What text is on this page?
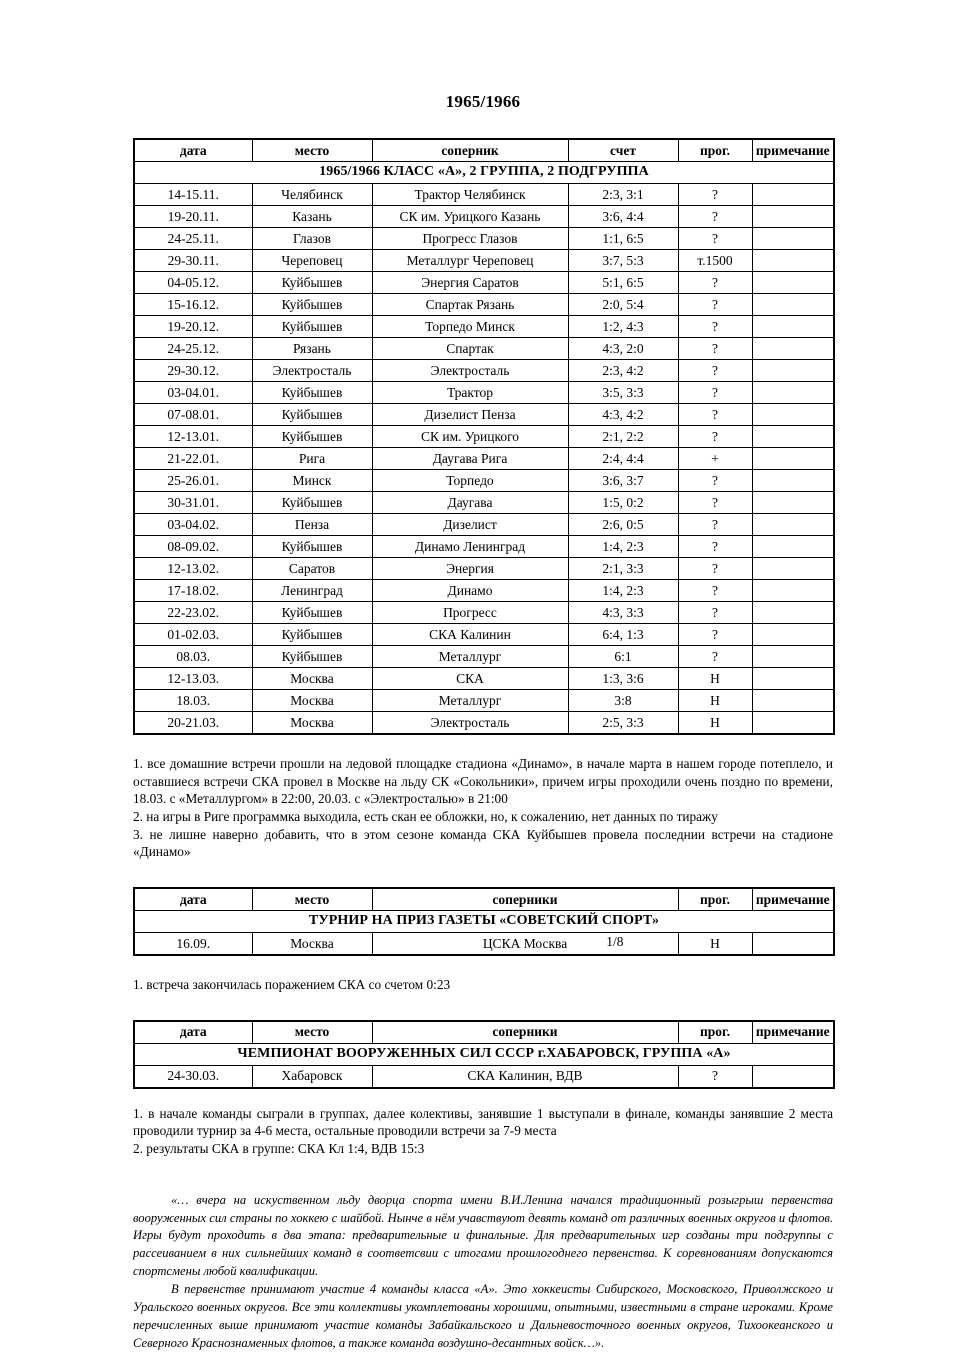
1965/1966
дата	место	соперник	счет	прог.	примечание
1965/1966 КЛАСС «А», 2 ГРУППА, 2 ПОДГРУППА					
14-15.11.	Челябинск	Трактор Челябинск	2:3, 3:1	?	
19-20.11.	Казань	СК им. Урицкого Казань	3:6, 4:4	?	
24-25.11.	Глазов	Прогресс Глазов	1:1, 6:5	?	
29-30.11.	Череповец	Металлург Череповец	3:7, 5:3	т.1500	
04-05.12.	Куйбышев	Энергия Саратов	5:1, 6:5	?	
15-16.12.	Куйбышев	Спартак Рязань	2:0, 5:4	?	
19-20.12.	Куйбышев	Торпедо Минск	1:2, 4:3	?	
24-25.12.	Рязань	Спартак	4:3, 2:0	?	
29-30.12.	Электросталь	Электросталь	2:3, 4:2	?	
03-04.01.	Куйбышев	Трактор	3:5, 3:3	?	
07-08.01.	Куйбышев	Дизелист Пенза	4:3, 4:2	?	
12-13.01.	Куйбышев	СК им. Урицкого	2:1, 2:2	?	
21-22.01.	Рига	Даугава Рига	2:4, 4:4	+	
25-26.01.	Минск	Торпедо	3:6, 3:7	?	
30-31.01.	Куйбышев	Даугава	1:5, 0:2	?	
03-04.02.	Пенза	Дизелист	2:6, 0:5	?	
08-09.02.	Куйбышев	Динамо Ленинград	1:4, 2:3	?	
12-13.02.	Саратов	Энергия	2:1, 3:3	?	
17-18.02.	Ленинград	Динамо	1:4, 2:3	?	
22-23.02.	Куйбышев	Прогресс	4:3, 3:3	?	
01-02.03.	Куйбышев	СКА Калинин	6:4, 1:3	?	
08.03.	Куйбышев	Металлург	6:1	?	
12-13.03.	Москва	СКА	1:3, 3:6	Н	
18.03.	Москва	Металлург	3:8	Н	
20-21.03.	Москва	Электросталь	2:5, 3:3	Н	

1. все домашние встречи прошли на ледовой площадке стадиона «Динамо», в начале марта в нашем городе потеплело, и оставшиеся встречи СКА провел в Москве на льду СК «Сокольники», причем игры проходили очень поздно по времени, 18.03. с «Металлургом» в 22:00, 20.03. с «Электросталью» в 21:00

2. на игры в Риге программка выходила, есть скан ее обложки, но, к сожалению, нет данных по тиражу

3. не лишне наверно добавить, что в этом сезоне команда СКА Куйбышев провела последнии встречи на стадионе «Динамо»

дата	место	соперники	прог.	примечание
ТУРНИР НА ПРИЗ ГАЗЕТЫ «СОВЕТСКИЙ СПОРТ»				
16.09.	Москва	ЦСКА Москва 1/8	Н	

1. встреча закончилась поражением СКА со счетом 0:23

дата	место	соперники	прог.	примечание
ЧЕМПИОНАТ ВООРУЖЕННЫХ СИЛ СССР г.ХАБАРОВСК, ГРУППА «А»				
24-30.03.	Хабаровск	СКА Калинин, ВДВ	?	

1. в начале команды сыграли в группах, далее колективы, занявшие 1 выступали в финале, команды занявшие 2 места проводили турнир за 4-6 места, остальные проводили встречи за 7-9 места

2. результаты СКА в группе: СКА Кл 1:4, ВДВ 15:3

«… вчера на искуственном льду дворца спорта имени В.И.Ленина начался традиционный розыгрыш первенства вооруженных сил страны по хоккею с шайбой. Нынче в нём учавствуют девять команд от различных военных округов и флотов. Игры будут проходить в два этапа: предварительные и финальные. Для предварительных игр созданы три подгруппы с рассеиванием в них сильнейших команд в соответсвии с итогами прошлогоднего первенства. К соревнованиям допускаются спортсмены любой квалификации.

В первенстве принимают участие 4 команды класса «А». Это хоккеисты Сибирского, Московского, Приволжского и Уральского военных округов. Все эти коллективы укомплетованы хорошими, опытными, известными в стране игроками. Кроме перечисленных выше принимают участие команды Забайкальского и Дальневосточного военных округов, Тихоокеанского и Северного Краснознаменных флотов, а также команда воздушно-десантных войск…».
